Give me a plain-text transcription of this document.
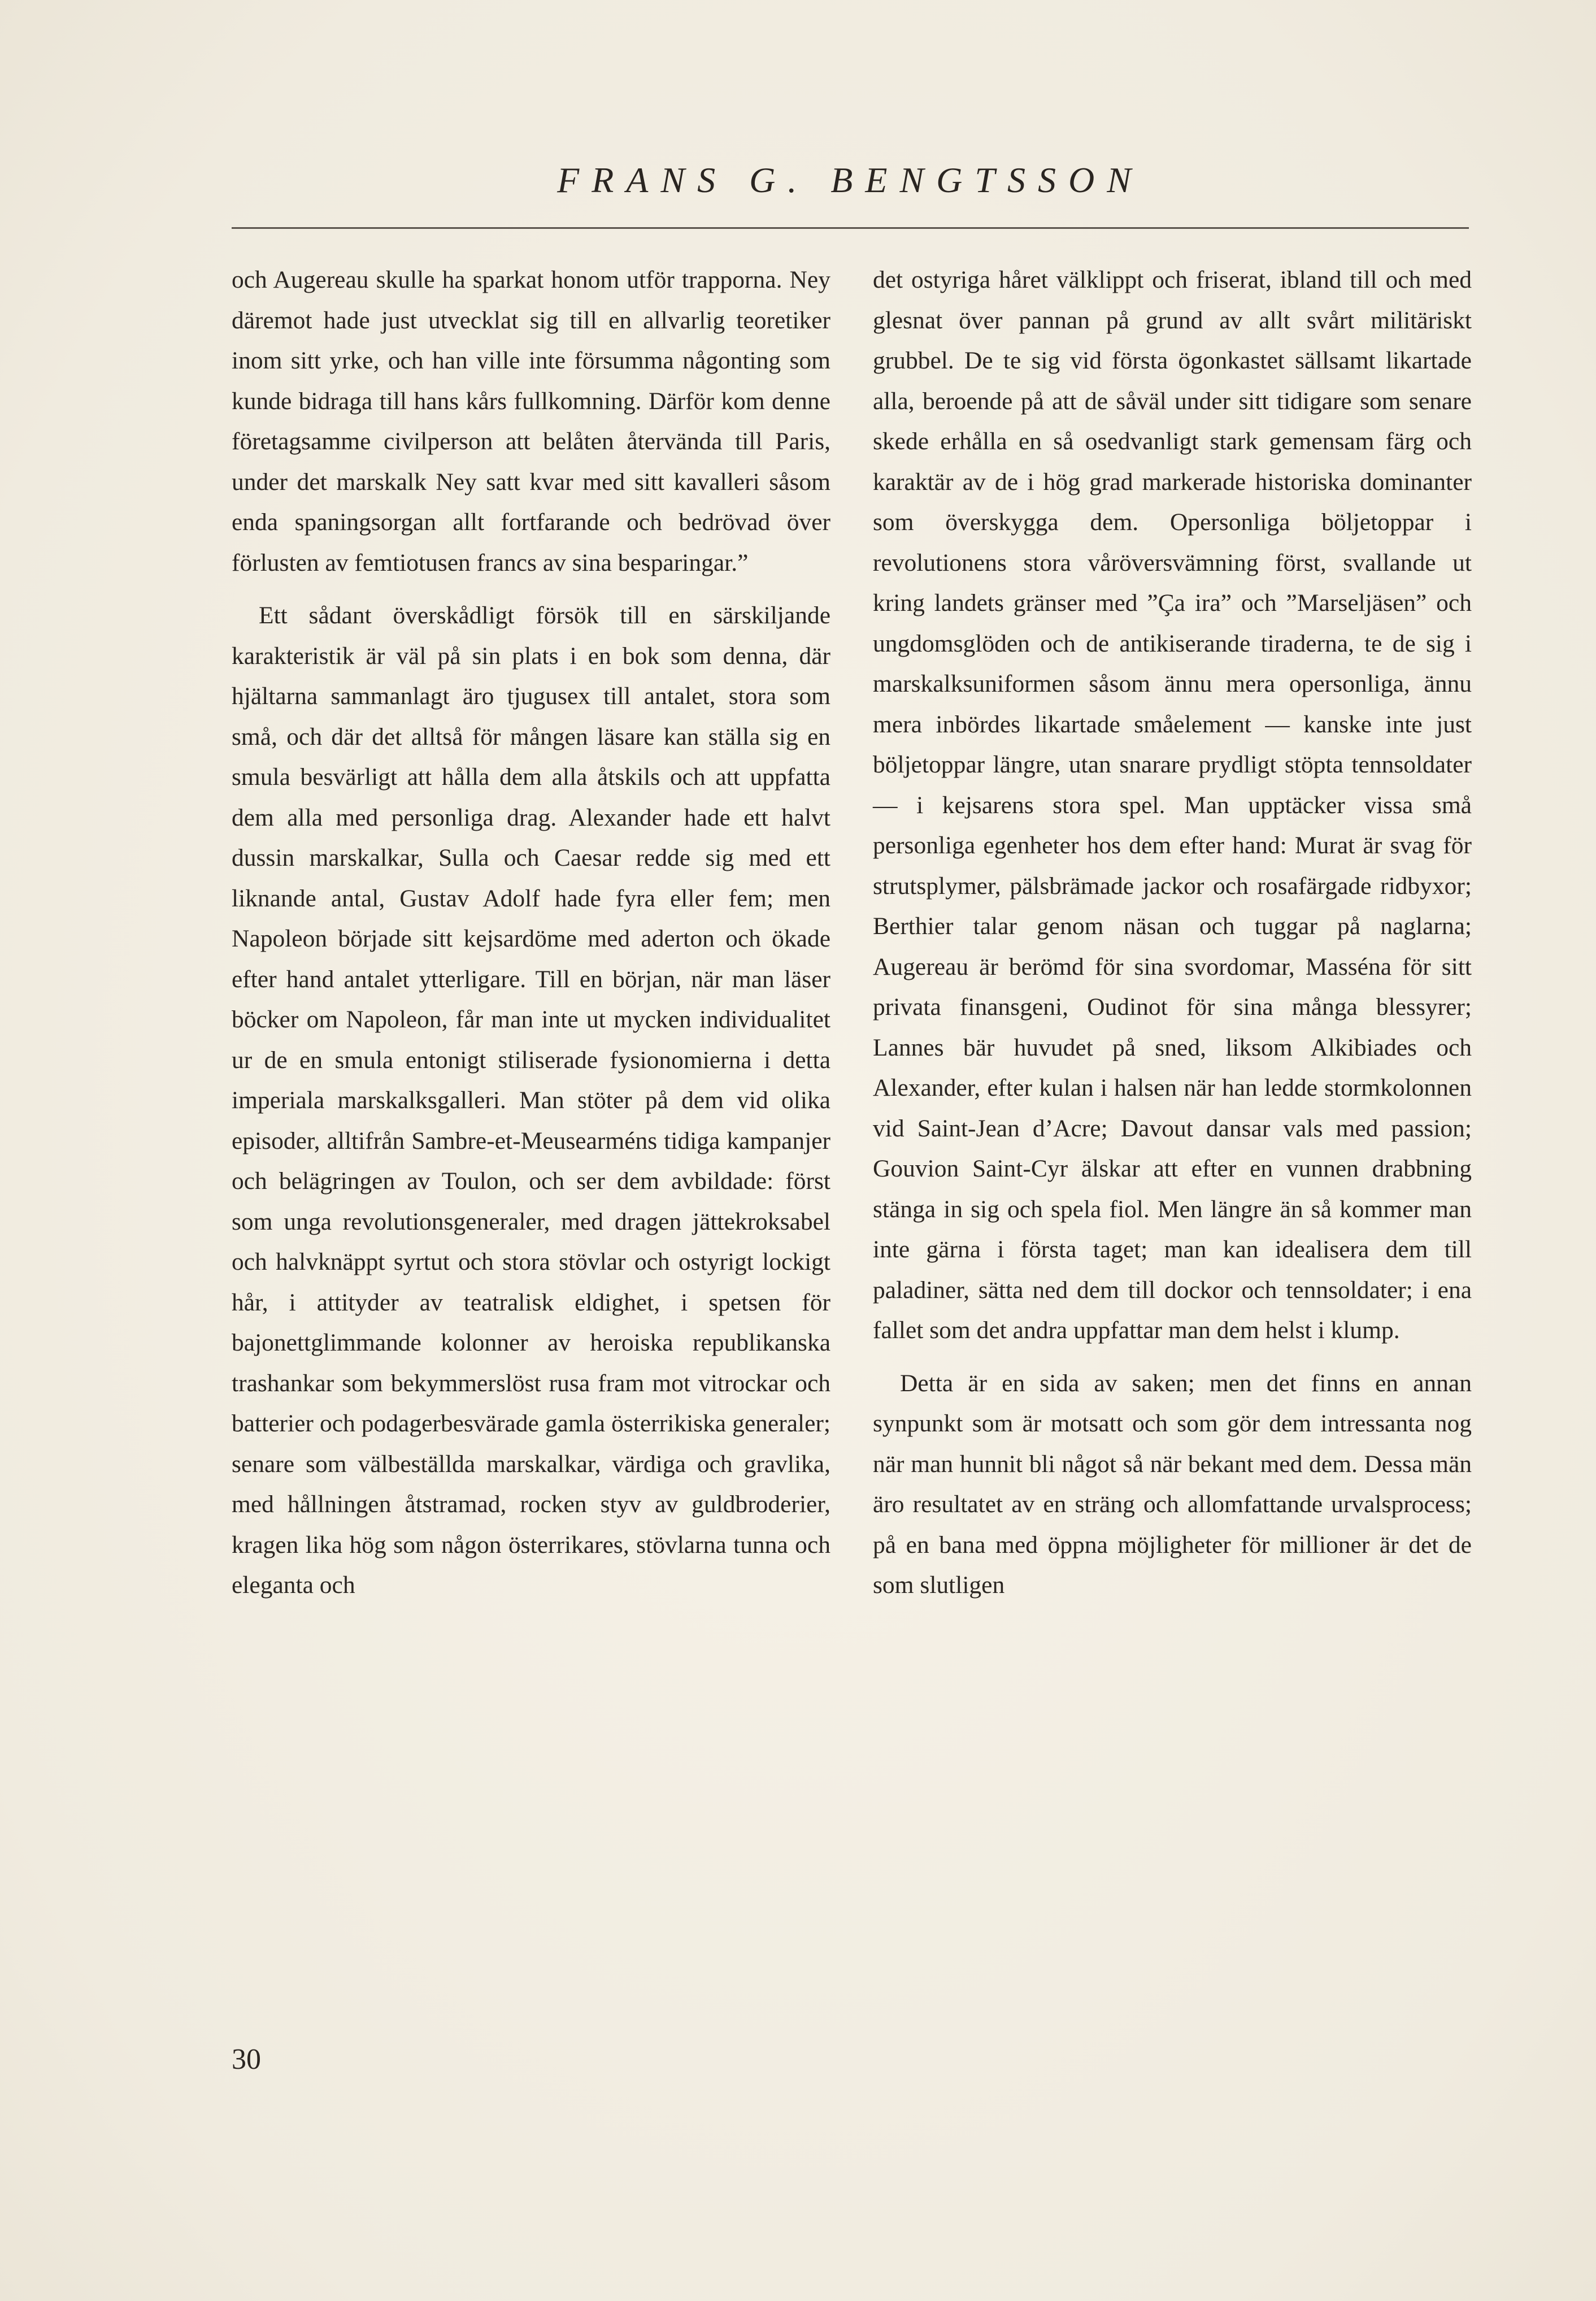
FRANS G. BENGTSSON

och Augereau skulle ha sparkat honom utför trapporna. Ney däremot hade just utvecklat sig till en allvarlig teoretiker inom sitt yrke, och han ville inte försumma någonting som kunde bidraga till hans kårs fullkomning. Därför kom denne företagsamme civilperson att belåten återvända till Paris, under det marskalk Ney satt kvar med sitt kavalleri såsom enda spaningsorgan allt fortfarande och bedrövad över förlusten av femtiotusen francs av sina besparingar.”

Ett sådant överskådligt försök till en särskiljande karakteristik är väl på sin plats i en bok som denna, där hjältarna sammanlagt äro tjugusex till antalet, stora som små, och där det alltså för mången läsare kan ställa sig en smula besvärligt att hålla dem alla åtskils och att uppfatta dem alla med personliga drag. Alexander hade ett halvt dussin marskalkar, Sulla och Caesar redde sig med ett liknande antal, Gustav Adolf hade fyra eller fem; men Napoleon började sitt kejsardöme med aderton och ökade efter hand antalet ytterligare. Till en början, när man läser böcker om Napoleon, får man inte ut mycken individualitet ur de en smula entonigt stiliserade fysionomierna i detta imperiala marskalksgalleri. Man stöter på dem vid olika episoder, alltifrån Sambre-et-Meusearméns tidiga kampanjer och belägringen av Toulon, och ser dem avbildade: först som unga revolutionsgeneraler, med dragen jättekroksabel och halvknäppt syrtut och stora stövlar och ostyrigt lockigt hår, i attityder av teatralisk eldighet, i spetsen för bajonettglimmande kolonner av heroiska republikanska trashankar som bekymmerslöst rusa fram mot vitrockar och batterier och podagerbesvärade gamla österrikiska generaler; senare som välbeställda marskalkar, värdiga och gravlika, med hållningen åtstramad, rocken styv av guldbroderier, kragen lika hög som någon österrikares, stövlarna tunna och eleganta och

det ostyriga håret välklippt och friserat, ibland till och med glesnat över pannan på grund av allt svårt militäriskt grubbel. De te sig vid första ögonkastet sällsamt likartade alla, beroende på att de såväl under sitt tidigare som senare skede erhålla en så osedvanligt stark gemensam färg och karaktär av de i hög grad markerade historiska dominanter som överskygga dem. Opersonliga böljetoppar i revolutionens stora våröversvämning först, svallande ut kring landets gränser med ”Ça ira” och ”Marseljäsen” och ungdomsglöden och de antikiserande tiraderna, te de sig i marskalksuniformen såsom ännu mera opersonliga, ännu mera inbördes likartade småelement — kanske inte just böljetoppar längre, utan snarare prydligt stöpta tennsoldater — i kejsarens stora spel. Man upptäcker vissa små personliga egenheter hos dem efter hand: Murat är svag för strutsplymer, pälsbrämade jackor och rosafärgade ridbyxor; Berthier talar genom näsan och tuggar på naglarna; Augereau är berömd för sina svordomar, Masséna för sitt privata finansgeni, Oudinot för sina många blessyrer; Lannes bär huvudet på sned, liksom Alkibiades och Alexander, efter kulan i halsen när han ledde stormkolonnen vid Saint-Jean d’Acre; Davout dansar vals med passion; Gouvion Saint-Cyr älskar att efter en vunnen drabbning stänga in sig och spela fiol. Men längre än så kommer man inte gärna i första taget; man kan idealisera dem till paladiner, sätta ned dem till dockor och tennsoldater; i ena fallet som det andra uppfattar man dem helst i klump.

Detta är en sida av saken; men det finns en annan synpunkt som är motsatt och som gör dem intressanta nog när man hunnit bli något så när bekant med dem. Dessa män äro resultatet av en sträng och allomfattande urvalsprocess; på en bana med öppna möjligheter för millioner är det de som slutligen

30
